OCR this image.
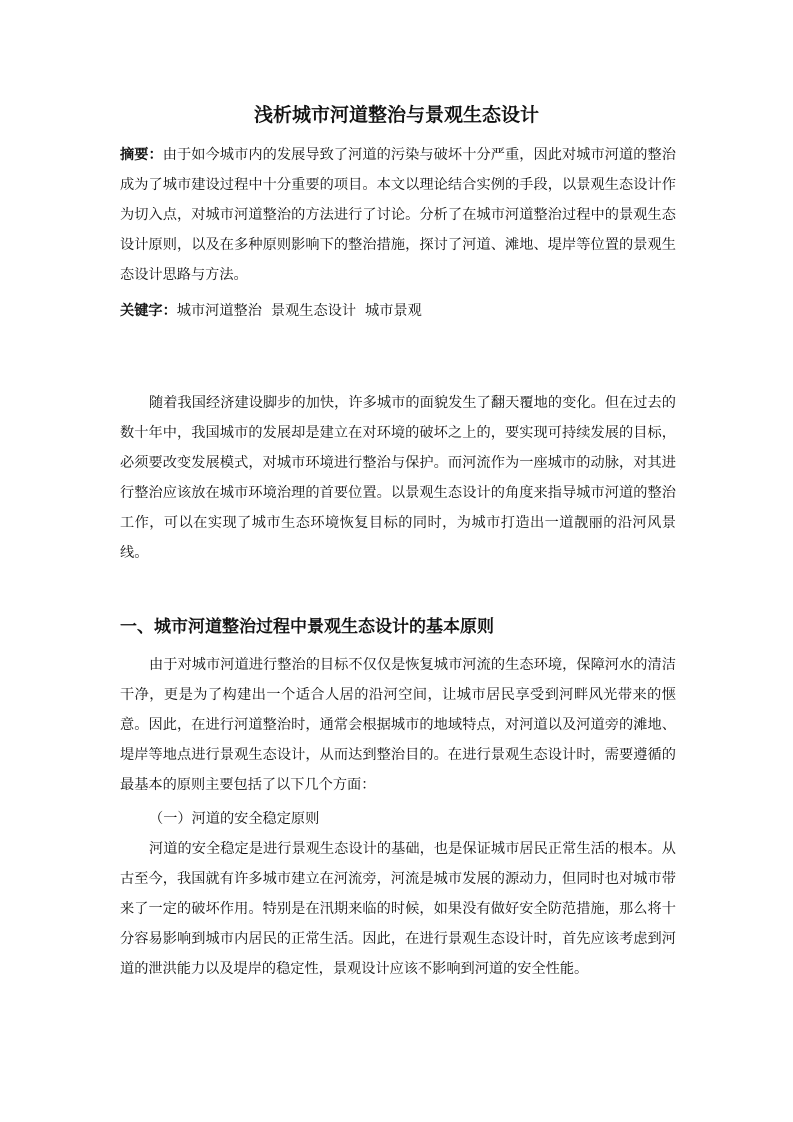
浅析城市河道整治与景观生态设计
摘要：由于如今城市内的发展导致了河道的污染与破坏十分严重，因此对城市河道的整治成为了城市建设过程中十分重要的项目。本文以理论结合实例的手段，以景观生态设计作为切入点，对城市河道整治的方法进行了讨论。分析了在城市河道整治过程中的景观生态设计原则，以及在多种原则影响下的整治措施，探讨了河道、滩地、堤岸等位置的景观生态设计思路与方法。
关键字：城市河道整治  景观生态设计  城市景观
随着我国经济建设脚步的加快，许多城市的面貌发生了翻天覆地的变化。但在过去的数十年中，我国城市的发展却是建立在对环境的破坏之上的，要实现可持续发展的目标，必须要改变发展模式，对城市环境进行整治与保护。而河流作为一座城市的动脉，对其进行整治应该放在城市环境治理的首要位置。以景观生态设计的角度来指导城市河道的整治工作，可以在实现了城市生态环境恢复目标的同时，为城市打造出一道靓丽的沿河风景线。
一、城市河道整治过程中景观生态设计的基本原则
由于对城市河道进行整治的目标不仅仅是恢复城市河流的生态环境，保障河水的清洁干净，更是为了构建出一个适合人居的沿河空间，让城市居民享受到河畔风光带来的惬意。因此，在进行河道整治时，通常会根据城市的地域特点，对河道以及河道旁的滩地、堤岸等地点进行景观生态设计，从而达到整治目的。在进行景观生态设计时，需要遵循的最基本的原则主要包括了以下几个方面：
（一）河道的安全稳定原则
河道的安全稳定是进行景观生态设计的基础，也是保证城市居民正常生活的根本。从古至今，我国就有许多城市建立在河流旁，河流是城市发展的源动力，但同时也对城市带来了一定的破坏作用。特别是在汛期来临的时候，如果没有做好安全防范措施，那么将十分容易影响到城市内居民的正常生活。因此，在进行景观生态设计时，首先应该考虑到河道的泄洪能力以及堤岸的稳定性，景观设计应该不影响到河道的安全性能。
